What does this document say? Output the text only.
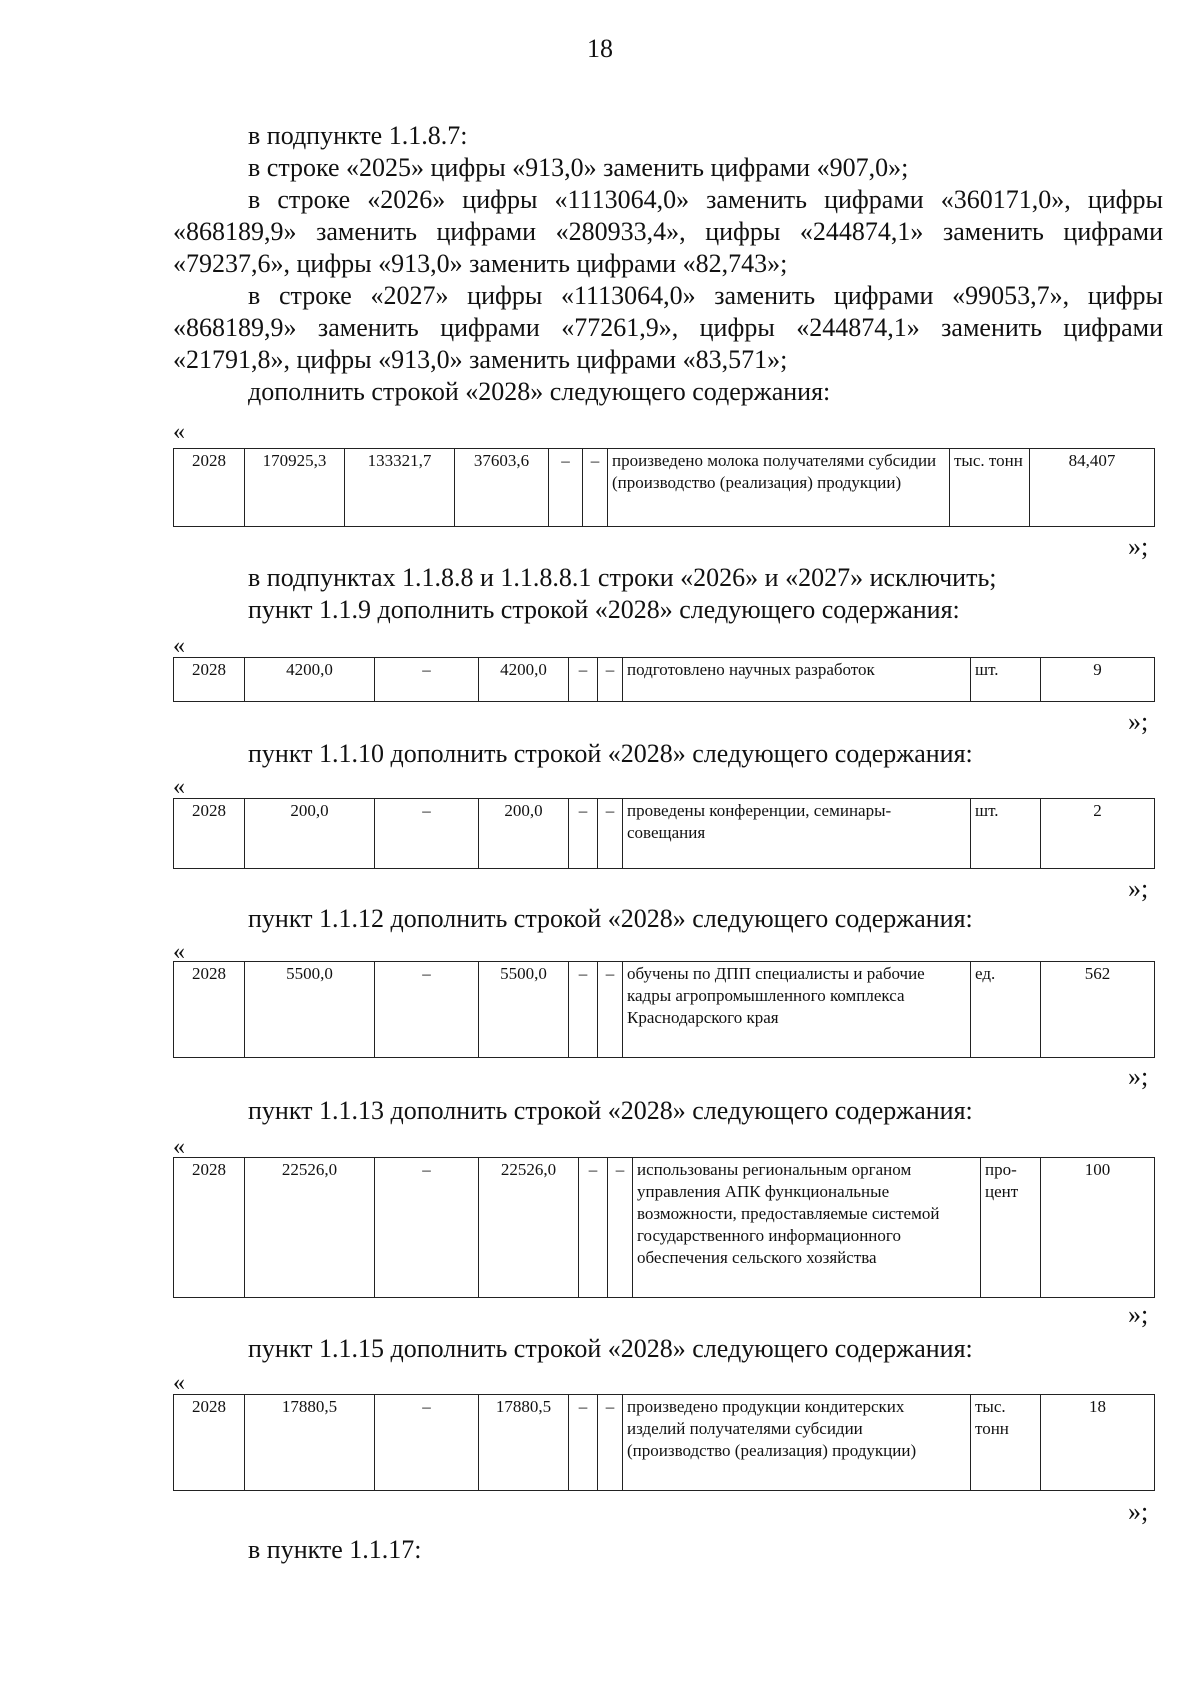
18

в подпункте 1.1.8.7:

в строке «2025» цифры «913,0» заменить цифрами «907,0»;

в строке «2026» цифры «1113064,0» заменить цифрами «360171,0», цифры «868189,9» заменить цифрами «280933,4», цифры «244874,1» заменить цифрами «79237,6», цифры «913,0» заменить цифрами «82,743»;

в строке «2027» цифры «1113064,0» заменить цифрами «99053,7», цифры «868189,9» заменить цифрами «77261,9», цифры «244874,1» заменить цифрами «21791,8», цифры «913,0» заменить цифрами «83,571»;

дополнить строкой «2028» следующего содержания:

«
2028	170925,3	133321,7	37603,6	–	–	произведено молока получателями субсидии (производство (реализация) продукции)	тыс. тонн	84,407
»;

в подпунктах 1.1.8.8 и 1.1.8.8.1 строки «2026» и «2027» исключить;

пункт 1.1.9 дополнить строкой «2028» следующего содержания:

«
2028	4200,0	–	4200,0	–	–	подготовлено научных разработок	шт.	9
»;

пункт 1.1.10 дополнить строкой «2028» следующего содержания:

«
2028	200,0	–	200,0	–	–	проведены конференции, семинары-совещания	шт.	2
»;

пункт 1.1.12 дополнить строкой «2028» следующего содержания:

«
2028	5500,0	–	5500,0	–	–	обучены по ДПП специалисты и рабочие кадры агропромышленного комплекса Краснодарского края	ед.	562
»;

пункт 1.1.13 дополнить строкой «2028» следующего содержания:

«
2028	22526,0	–	22526,0	–	–	использованы региональным органом управления АПК функциональные возможности, предоставляемые системой государственного информационного обеспечения сельского хозяйства	про-цент	100
»;

пункт 1.1.15 дополнить строкой «2028» следующего содержания:

«
2028	17880,5	–	17880,5	–	–	произведено продукции кондитерских изделий получателями субсидии (производство (реализация) продукции)	тыс. тонн	18
»;

в пункте 1.1.17:
